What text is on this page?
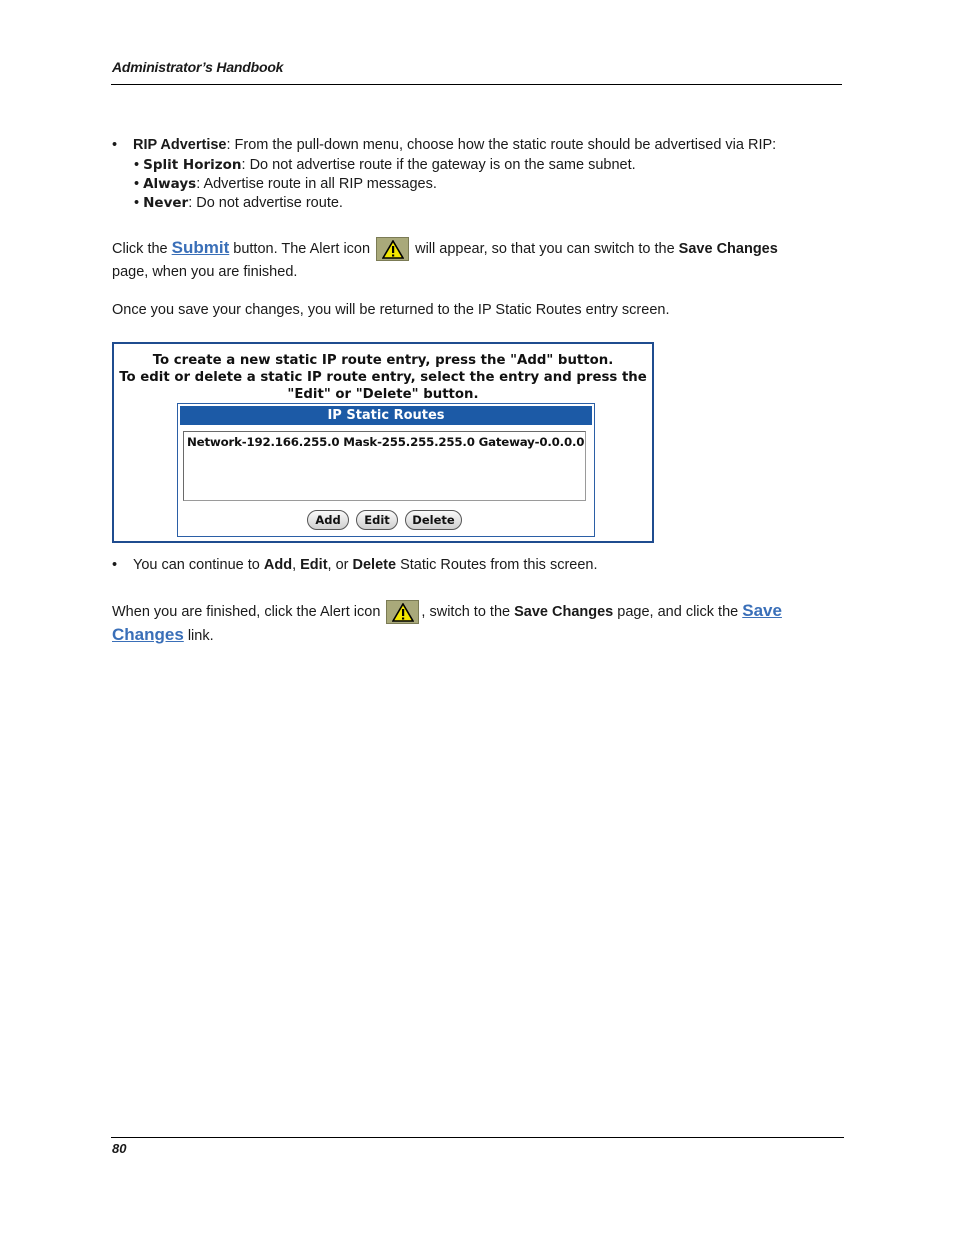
Administrator’s Handbook
• RIP Advertise: From the pull-down menu, choose how the static route should be advertised via RIP:
• Split Horizon: Do not advertise route if the gateway is on the same subnet.
• Always: Advertise route in all RIP messages.
• Never: Do not advertise route.
Click the Submit button. The Alert icon	will appear, so that you can switch to the Save Changes
page, when you are finished.
Once you save your changes, you will be returned to the IP Static Routes entry screen.
To create a new static IP route entry, press the "Add" button.
To edit or delete a static IP route entry, select the entry and press the
"Edit" or "Delete" button.
IP Static Routes
Network-192.166.255.0 Mask-255.255.255.0 Gateway-0.0.0.0
Add	Edit	Delete
• You can continue to Add, Edit, or Delete Static Routes from this screen.
When you are finished, click the Alert icon	, switch to the Save Changes page, and click the Save
Changes link.
80
